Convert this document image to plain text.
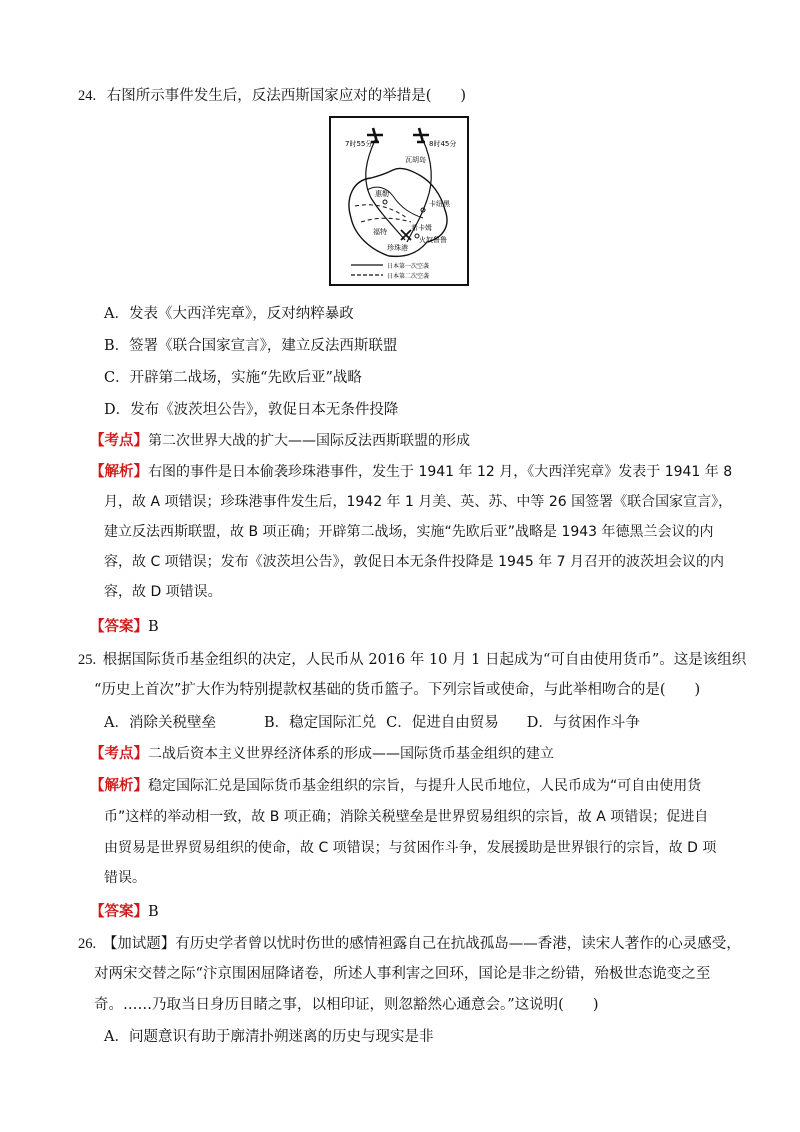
24. 右图所示事件发生后，反法西斯国家应对的举措是(　　)
7时55分	8时45分
瓦胡岛
惠勒
卡纽黑
希卡姆
福特
火奴鲁鲁
珍珠港
日本第一次空袭
日本第二次空袭
A．发表《大西洋宪章》，反对纳粹暴政
B．签署《联合国家宣言》，建立反法西斯联盟
C．开辟第二战场，实施“先欧后亚”战略
D．发布《波茨坦公告》，敦促日本无条件投降
【考点】第二次世界大战的扩大——国际反法西斯联盟的形成
【解析】右图的事件是日本偷袭珍珠港事件，发生于 1941 年 12 月，《大西洋宪章》发表于 1941 年 8
月，故 A 项错误；珍珠港事件发生后，1942 年 1 月美、英、苏、中等 26 国签署《联合国家宣言》，
建立反法西斯联盟，故 B 项正确；开辟第二战场，实施“先欧后亚”战略是 1943 年德黑兰会议的内
容，故 C 项错误；发布《波茨坦公告》，敦促日本无条件投降是 1945 年 7 月召开的波茨坦会议的内
容，故 D 项错误。
【答案】B
25. 根据国际货币基金组织的决定，人民币从 2016 年 10 月 1 日起成为“可自由使用货币”。这是该组织
“历史上首次”扩大作为特别提款权基础的货币篮子。下列宗旨或使命，与此举相吻合的是(　　)
A．消除关税壁垒	B．稳定国际汇兑 C．促进自由贸易 D．与贫困作斗争
【考点】二战后资本主义世界经济体系的形成——国际货币基金组织的建立
【解析】稳定国际汇兑是国际货币基金组织的宗旨，与提升人民币地位，人民币成为“可自由使用货
币”这样的举动相一致，故 B 项正确；消除关税壁垒是世界贸易组织的宗旨，故 A 项错误；促进自
由贸易是世界贸易组织的使命，故 C 项错误；与贫困作斗争，发展援助是世界银行的宗旨，故 D 项
错误。
【答案】B
26. 【加试题】有历史学者曾以忧时伤世的感情袒露自己在抗战孤岛——香港，读宋人著作的心灵感受，
对两宋交替之际“汴京围困屈降诸卷，所述人事利害之回环，国论是非之纷错，殆极世态诡变之至
奇。……乃取当日身历目睹之事，以相印证，则忽豁然心通意会。”这说明(　　)
A．问题意识有助于廓清扑朔迷离的历史与现实是非
